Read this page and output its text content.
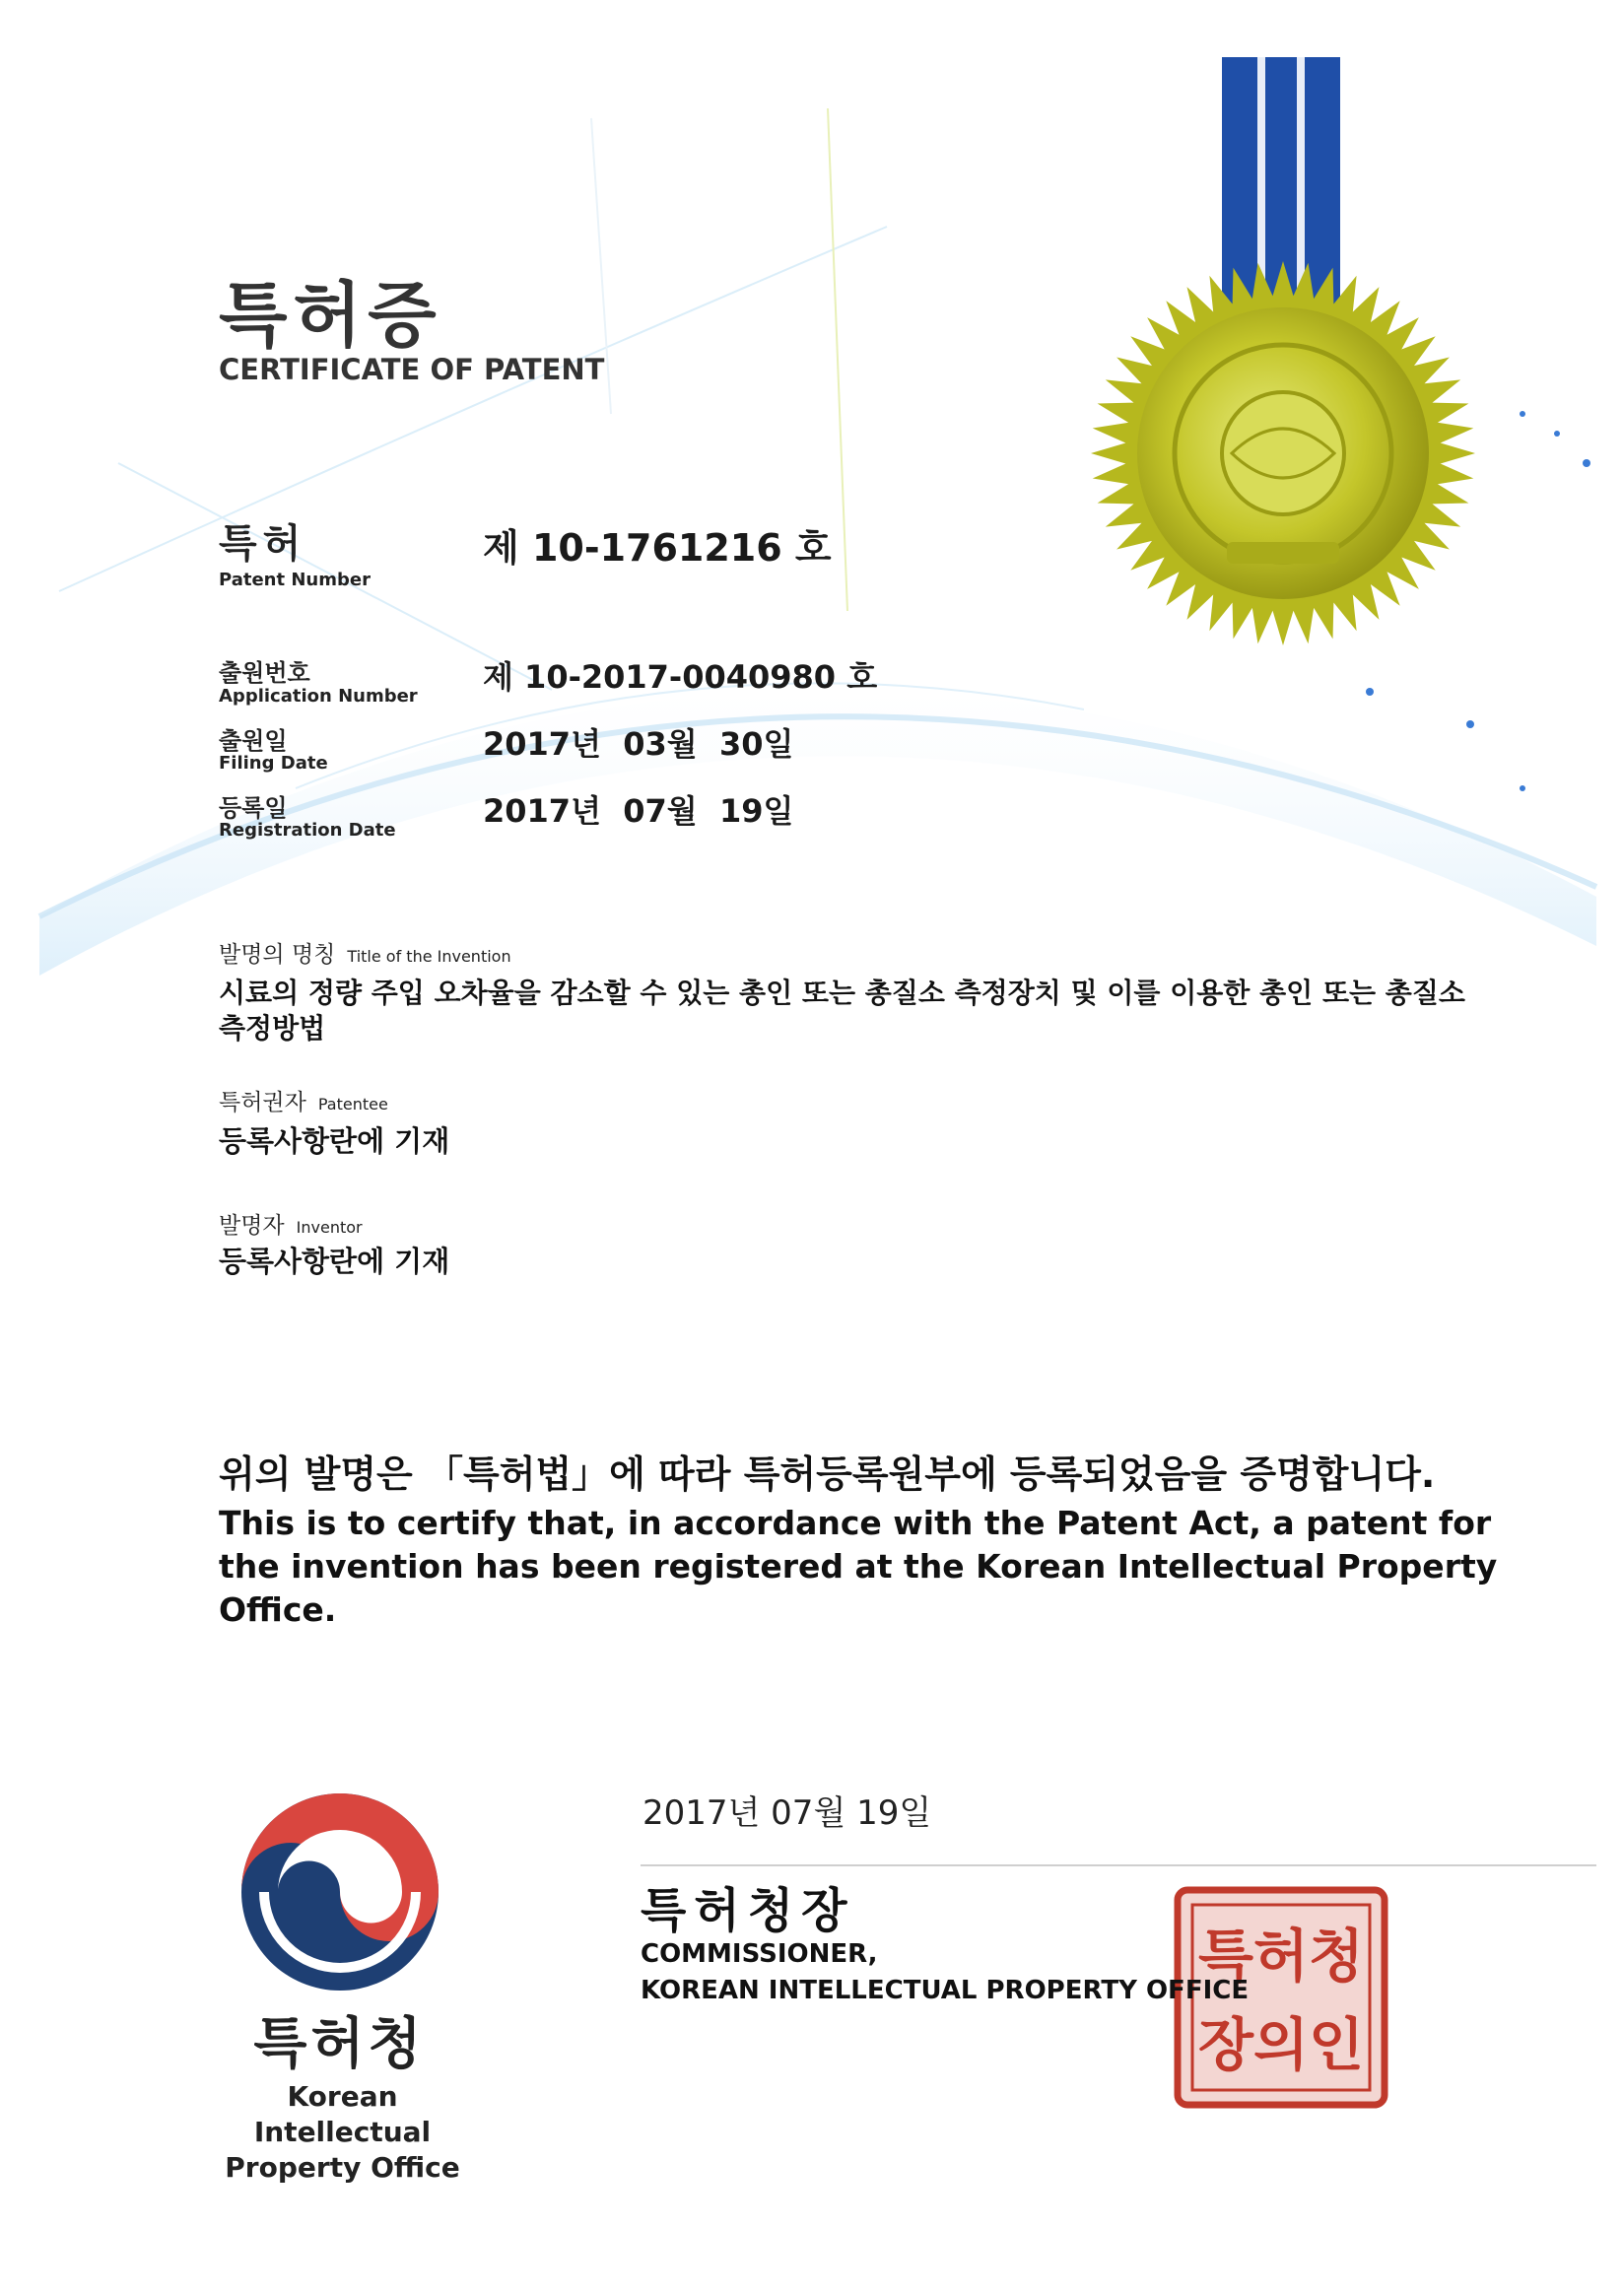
특허청
장의인
특허증
CERTIFICATE OF PATENT
특허
Patent Number
제 10-1761216 호
출원번호
Application Number
제 10-2017-0040980 호
출원일
Filing Date
2017년  03월  30일
등록일
Registration Date
2017년  07월  19일
발명의 명칭 Title of the Invention
시료의 정량 주입 오차율을 감소할 수 있는 총인 또는 총질소 측정장치 및 이를 이용한 총인 또는 총질소
측정방법
특허권자 Patentee
등록사항란에 기재
발명자 Inventor
등록사항란에 기재
위의 발명은 「특허법」에 따라 특허등록원부에 등록되었음을 증명합니다.
This is to certify that, in accordance with the Patent Act, a patent for the invention has been registered at the Korean Intellectual Property Office.
2017년 07월 19일
특허청장
COMMISSIONER,
KOREAN INTELLECTUAL PROPERTY OFFICE
특허청
Korean Intellectual
Property Office
